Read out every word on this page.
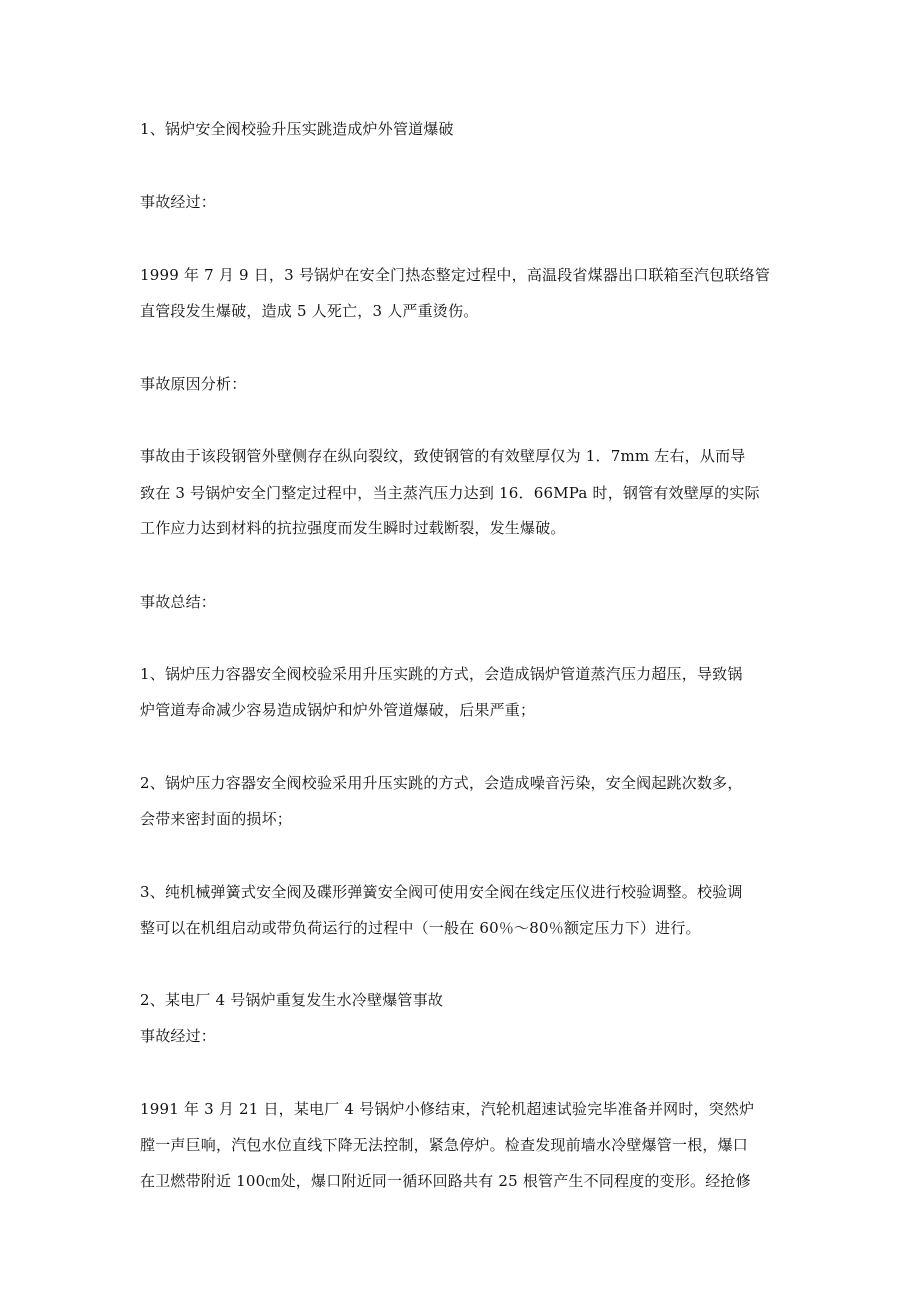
1、锅炉安全阀校验升压实跳造成炉外管道爆破
事故经过：
1999 年 7 月 9 日，3 号锅炉在安全门热态整定过程中，高温段省煤器出口联箱至汽包联络管
直管段发生爆破，造成 5 人死亡，3 人严重烫伤。
事故原因分析：
事故由于该段钢管外壁侧存在纵向裂纹，致使钢管的有效壁厚仅为 1．7mm 左右，从而导
致在 3 号锅炉安全门整定过程中，当主蒸汽压力达到 16．66MPa 时，钢管有效壁厚的实际
工作应力达到材料的抗拉强度而发生瞬时过载断裂，发生爆破。
事故总结：
1、锅炉压力容器安全阀校验采用升压实跳的方式，会造成锅炉管道蒸汽压力超压，导致锅
炉管道寿命减少容易造成锅炉和炉外管道爆破，后果严重；
2、锅炉压力容器安全阀校验采用升压实跳的方式，会造成噪音污染，安全阀起跳次数多，
会带来密封面的损坏；
3、纯机械弹簧式安全阀及碟形弹簧安全阀可使用安全阀在线定压仪进行校验调整。校验调
整可以在机组启动或带负荷运行的过程中（一般在 60％～80％额定压力下）进行。
2、某电厂 4 号锅炉重复发生水冷壁爆管事故
事故经过：
1991 年 3 月 21 日，某电厂 4 号锅炉小修结束，汽轮机超速试验完毕准备并网时，突然炉
膛一声巨响，汽包水位直线下降无法控制，紧急停炉。检查发现前墙水冷壁爆管一根，爆口
在卫燃带附近 100㎝处，爆口附近同一循环回路共有 25 根管产生不同程度的变形。经抢修
